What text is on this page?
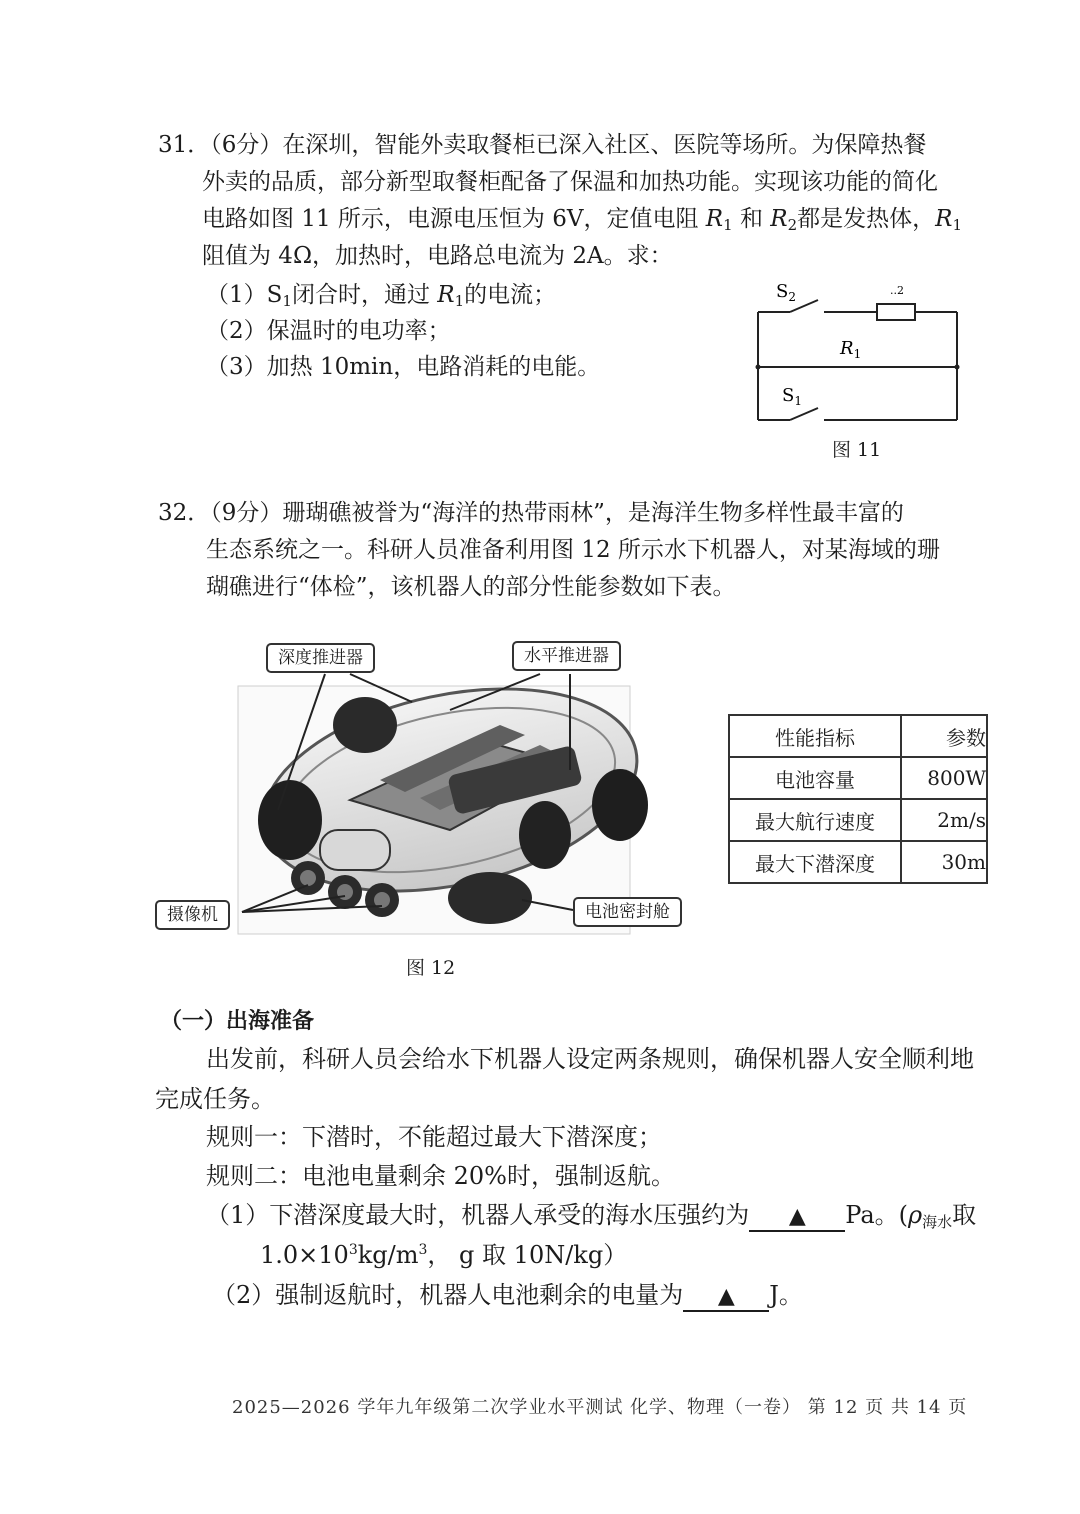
31．（6分）在深圳，智能外卖取餐柜已深入社区、医院等场所。为保障热餐
外卖的品质，部分新型取餐柜配备了保温和加热功能。实现该功能的简化
电路如图 11 所示，电源电压恒为 6V，定值电阻 $R_1$ 和 $R_2$都是发热体，$R_1$
阻值为 4Ω，加热时，电路总电流为 2A。求：
$(1)S_1$闭合时，通过 $R_1$的电流；
（2）保温时的电功率；
（3）加热 10min，电路消耗的电能。
$S_2$	..2
$R_1$
$S_1$
图 11
32．（9分）珊瑚礁被誉为“海洋的热带雨林”，是海洋生物多样性最丰富的
生态系统之一。科研人员准备利用图 12 所示水下机器人，对某海域的珊
瑚礁进行“体检”，该机器人的部分性能参数如下表。
深度推进器	水平推进器
摄像机	电池密封舱
图 12
性能指标	参数
电池容量	800W
最大航行速度	2m/s
最大下潜深度	30m
（一）出海准备
出发前，科研人员会给水下机器人设定两条规则，确保机器人安全顺利地
完成任务。
规则一：下潜时，不能超过最大下潜深度；
规则二：电池电量剩余 20%时，强制返航。
（1）下潜深度最大时，机器人承受的海水压强约为 ▲ Pa。($\rho_{海水}$取
$1.0\times 10^3kg/m^3$， g 取 10N/kg）
（2）强制返航时，机器人电池剩余的电量为 ▲ J。
2025—2026 学年九年级第二次学业水平测试 化学、物理（一卷） 第 12 页 共 14 页
